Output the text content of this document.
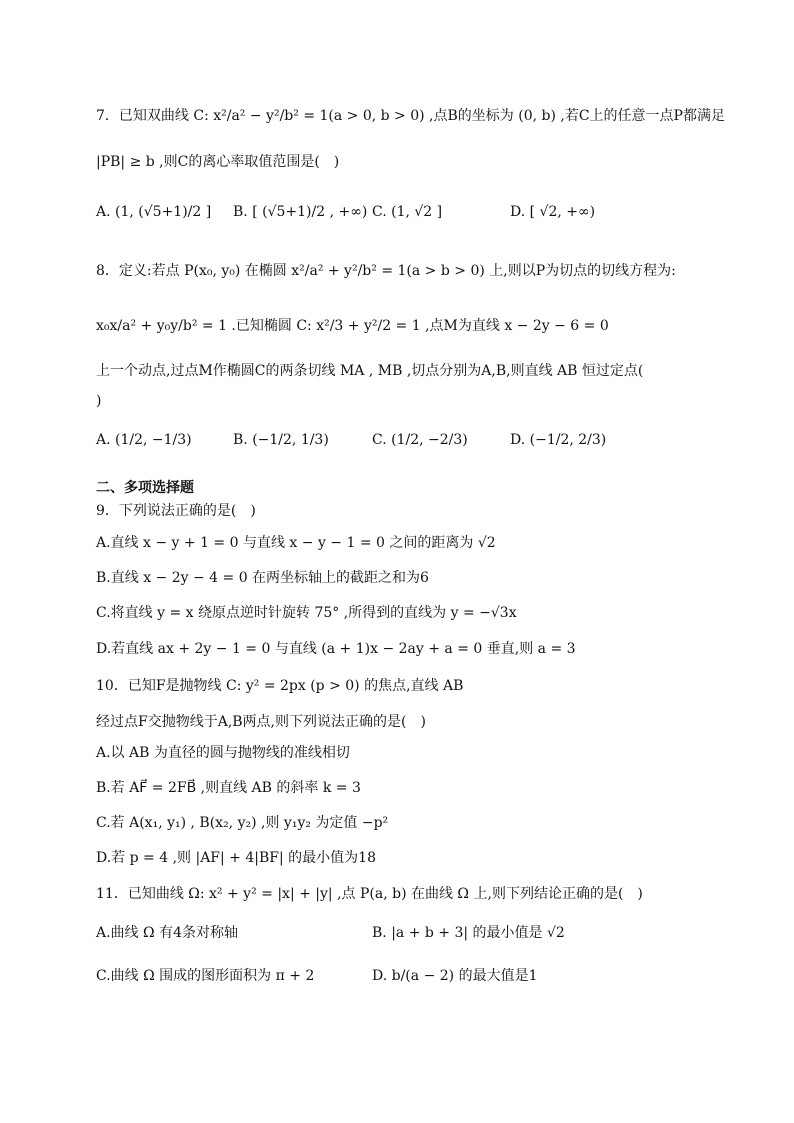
7．已知双曲线 C: x²/a² − y²/b² = 1(a > 0, b > 0) ,点B的坐标为 (0, b) ,若C上的任意一点P都满足
|PB| ≥ b ,则C的离心率取值范围是(　)
A. (1, (√5+1)/2 ] B. [ (√5+1)/2 , +∞) C. (1, √2 ]	D. [ √2, +∞)
8．定义:若点 P(x₀, y₀) 在椭圆 x²/a² + y²/b² = 1(a > b > 0) 上,则以P为切点的切线方程为:
x₀x/a² + y₀y/b² = 1 .已知椭圆 C: x²/3 + y²/2 = 1 ,点M为直线 x − 2y − 6 = 0
上一个动点,过点M作椭圆C的两条切线 MA , MB ,切点分别为A,B,则直线 AB 恒过定点(
)
A. (1/2, −1/3)	B. (−1/2, 1/3)	C. (1/2, −2/3)	D. (−1/2, 2/3)
二、多项选择题
9．下列说法正确的是(　)
A.直线 x − y + 1 = 0 与直线 x − y − 1 = 0 之间的距离为 √2
B.直线 x − 2y − 4 = 0 在两坐标轴上的截距之和为6
C.将直线 y = x 绕原点逆时针旋转 75° ,所得到的直线为 y = −√3x
D.若直线 ax + 2y − 1 = 0 与直线 (a + 1)x − 2ay + a = 0 垂直,则 a = 3
10．已知F是抛物线 C: y² = 2px (p > 0) 的焦点,直线 AB
经过点F交抛物线于A,B两点,则下列说法正确的是(　)
A.以 AB 为直径的圆与抛物线的准线相切
B.若 AF⃗ = 2FB⃗ ,则直线 AB 的斜率 k = 3
C.若 A(x₁, y₁) , B(x₂, y₂) ,则 y₁y₂ 为定值 −p²
D.若 p = 4 ,则 |AF| + 4|BF| 的最小值为18
11．已知曲线 Ω: x² + y² = |x| + |y| ,点 P(a, b) 在曲线 Ω 上,则下列结论正确的是(　)
A.曲线 Ω 有4条对称轴	B. |a + b + 3| 的最小值是 √2
C.曲线 Ω 围成的图形面积为 π + 2	D. b/(a − 2) 的最大值是1
